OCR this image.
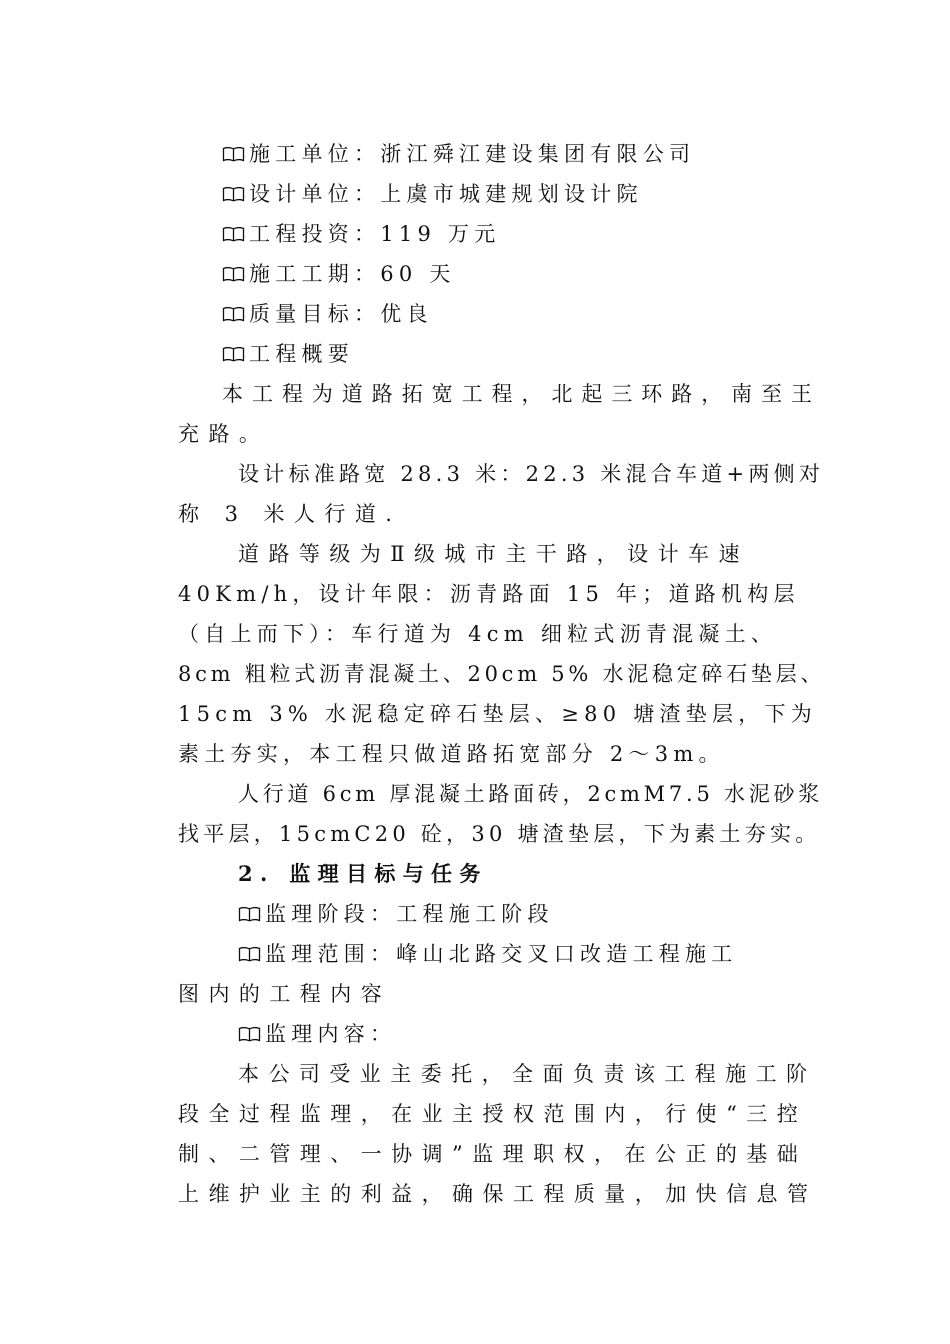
施工单位：浙江舜江建设集团有限公司
设计单位：上虞市城建规划设计院
工程投资：119 万元
施工工期：60 天
质量目标：优良
工程概要
本工程为道路拓宽工程，北起三环路，南至王
充路。
设计标准路宽 28.3 米：22.3 米混合车道+两侧对
称 3 米人行道.
道路等级为Ⅱ级城市主干路，设计车速
40Km/h，设计年限：沥青路面 15 年；道路机构层
（自上而下）：车行道为 4cm 细粒式沥青混凝土、
8cm 粗粒式沥青混凝土、20cm 5% 水泥稳定碎石垫层、
15cm 3% 水泥稳定碎石垫层、≥80 塘渣垫层，下为
素土夯实，本工程只做道路拓宽部分 2～3m。
人行道 6cm 厚混凝土路面砖，2cmM7.5 水泥砂浆
找平层，15cmC20 砼，30 塘渣垫层，下为素土夯实。
2. 监理目标与任务
监理阶段：工程施工阶段
监理范围：峰山北路交叉口改造工程施工
图内的工程内容
监理内容：
本公司受业主委托，全面负责该工程施工阶
段全过程监理，在业主授权范围内，行使“三控
制、二管理、一协调”监理职权，在公正的基础
上维护业主的利益，确保工程质量，加快信息管
